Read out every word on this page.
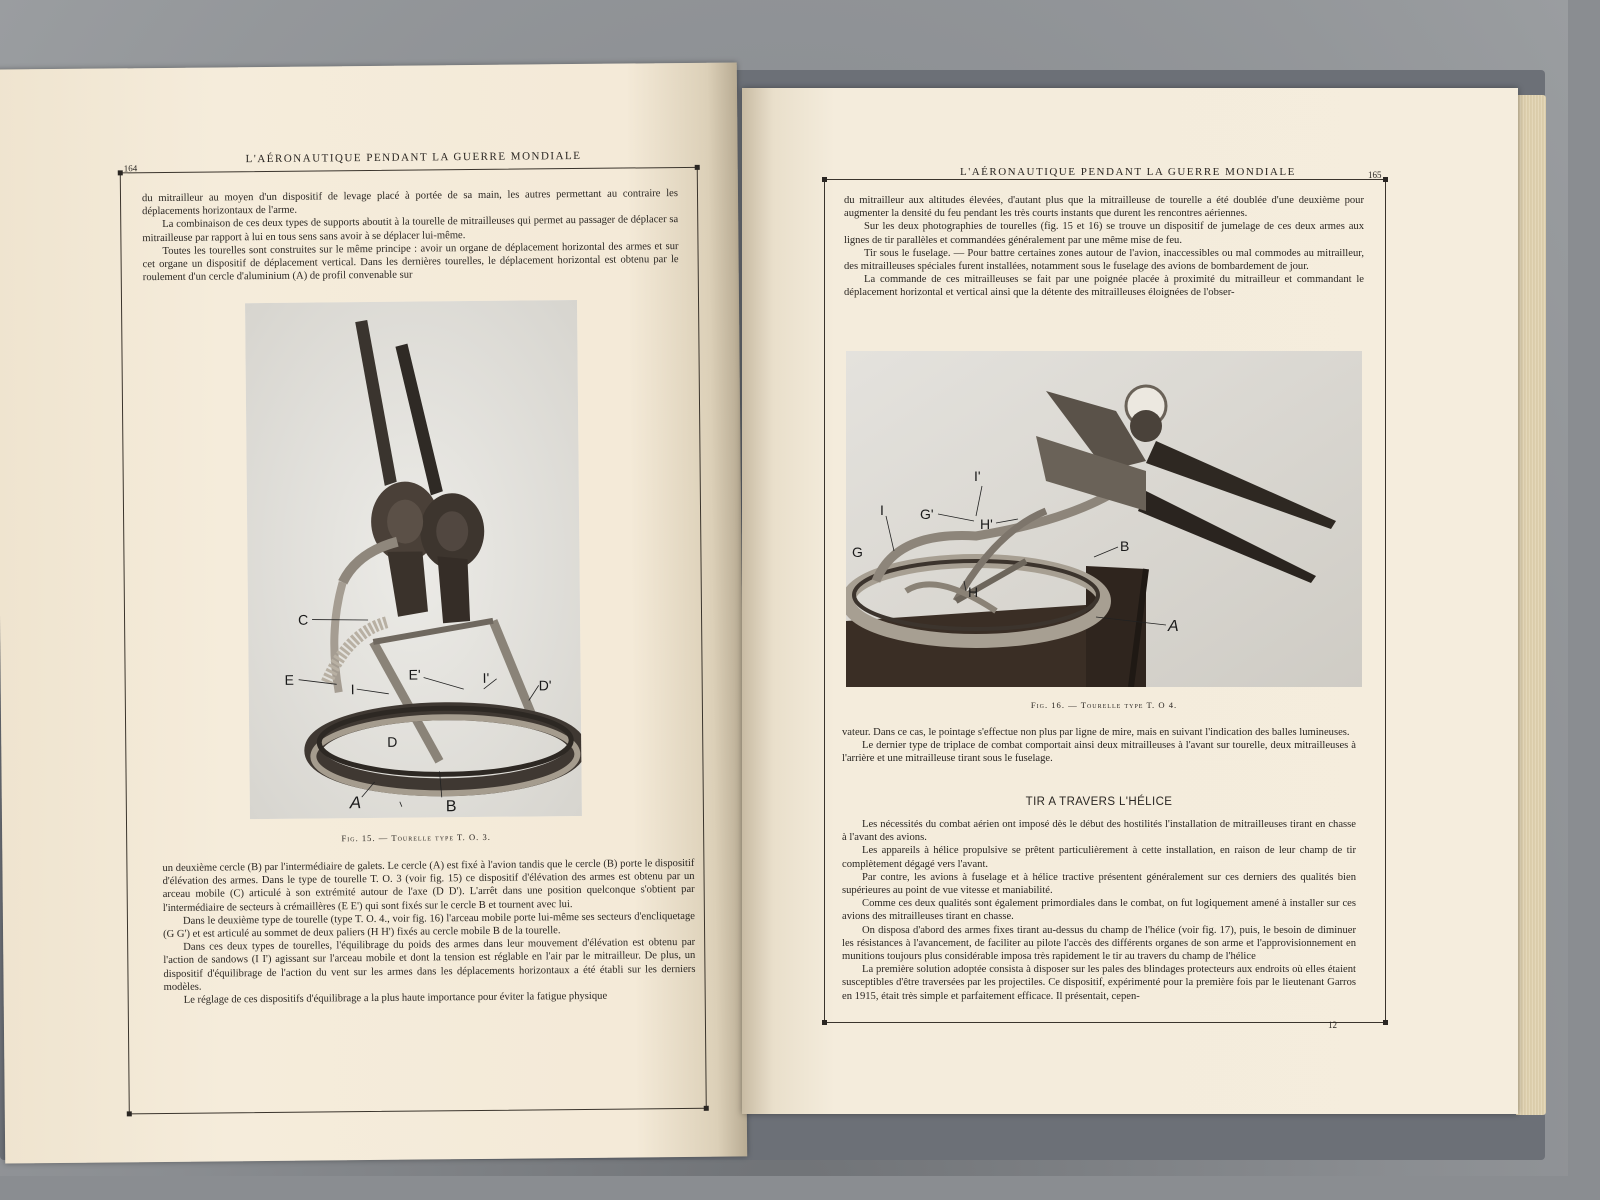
164
L'AÉRONAUTIQUE PENDANT LA GUERRE MONDIALE

du mitrailleur au moyen d'un dispositif de levage placé à portée de sa main, les autres permettant au contraire les déplacements horizontaux de l'arme.

La combinaison de ces deux types de supports aboutit à la tourelle de mitrailleuses qui permet au passager de déplacer sa mitrailleuse par rapport à lui en tous sens sans avoir à se déplacer lui-même.

Toutes les tourelles sont construites sur le même principe : avoir un organe de déplacement horizontal des armes et sur cet organe un dispositif de déplacement vertical. Dans les dernières tourelles, le déplacement horizontal est obtenu par le roulement d'un cercle d'aluminium (A) de profil convenable sur

C
E
I
E'	I'	D'
D
A	B
Fig. 15. — Tourelle type T. O. 3.

un deuxième cercle (B) par l'intermédiaire de galets. Le cercle (A) est fixé à l'avion tandis que le cercle (B) porte le dispositif d'élévation des armes. Dans le type de tourelle T. O. 3 (voir fig. 15) ce dispositif d'élévation des armes est obtenu par un arceau mobile (C) articulé à son extrémité autour de l'axe (D D'). L'arrêt dans une position quelconque s'obtient par l'intermédiaire de secteurs à crémaillères (E E') qui sont fixés sur le cercle B et tournent avec lui.

Dans le deuxième type de tourelle (type T. O. 4., voir fig. 16) l'arceau mobile porte lui-même ses secteurs d'encliquetage (G G') et est articulé au sommet de deux paliers (H H') fixés au cercle mobile B de la tourelle.

Dans ces deux types de tourelles, l'équilibrage du poids des armes dans leur mouvement d'élévation est obtenu par l'action de sandows (I I') agissant sur l'arceau mobile et dont la tension est réglable en l'air par le mitrailleur. De plus, un dispositif d'équilibrage de l'action du vent sur les armes dans les déplacements horizontaux a été établi sur les derniers modèles.

Le réglage de ces dispositifs d'équilibrage a la plus haute importance pour éviter la fatigue physique

L'AÉRONAUTIQUE PENDANT LA GUERRE MONDIALE	165

du mitrailleur aux altitudes élevées, d'autant plus que la mitrailleuse de tourelle a été doublée d'une deuxième pour augmenter la densité du feu pendant les très courts instants que durent les rencontres aériennes.

Sur les deux photographies de tourelles (fig. 15 et 16) se trouve un dispositif de jumelage de ces deux armes aux lignes de tir parallèles et commandées généralement par une même mise de feu.

Tir sous le fuselage. — Pour battre certaines zones autour de l'avion, inaccessibles ou mal commodes au mitrailleur, des mitrailleuses spéciales furent installées, notamment sous le fuselage des avions de bombardement de jour.

La commande de ces mitrailleuses se fait par une poignée placée à proximité du mitrailleur et commandant le déplacement horizontal et vertical ainsi que la détente des mitrailleuses éloignées de l'obser-

I'
I	G'
H'
G	B
H
A
Fig. 16. — Tourelle type T. O 4.

vateur. Dans ce cas, le pointage s'effectue non plus par ligne de mire, mais en suivant l'indication des balles lumineuses.

Le dernier type de triplace de combat comportait ainsi deux mitrailleuses à l'avant sur tourelle, deux mitrailleuses à l'arrière et une mitrailleuse tirant sous le fuselage.

TIR A TRAVERS L'HÉLICE

Les nécessités du combat aérien ont imposé dès le début des hostilités l'installation de mitrailleuses tirant en chasse à l'avant des avions.

Les appareils à hélice propulsive se prêtent particulièrement à cette installation, en raison de leur champ de tir complètement dégagé vers l'avant.

Par contre, les avions à fuselage et à hélice tractive présentent généralement sur ces derniers des qualités bien supérieures au point de vue vitesse et maniabilité.

Comme ces deux qualités sont également primordiales dans le combat, on fut logiquement amené à installer sur ces avions des mitrailleuses tirant en chasse.

On disposa d'abord des armes fixes tirant au-dessus du champ de l'hélice (voir fig. 17), puis, le besoin de diminuer les résistances à l'avancement, de faciliter au pilote l'accès des différents organes de son arme et l'approvisionnement en munitions toujours plus considérable imposa très rapidement le tir au travers du champ de l'hélice

La première solution adoptée consista à disposer sur les pales des blindages protecteurs aux endroits où elles étaient susceptibles d'être traversées par les projectiles. Ce dispositif, expérimenté pour la première fois par le lieutenant Garros en 1915, était très simple et parfaitement efficace. Il présentait, cepen-

12
